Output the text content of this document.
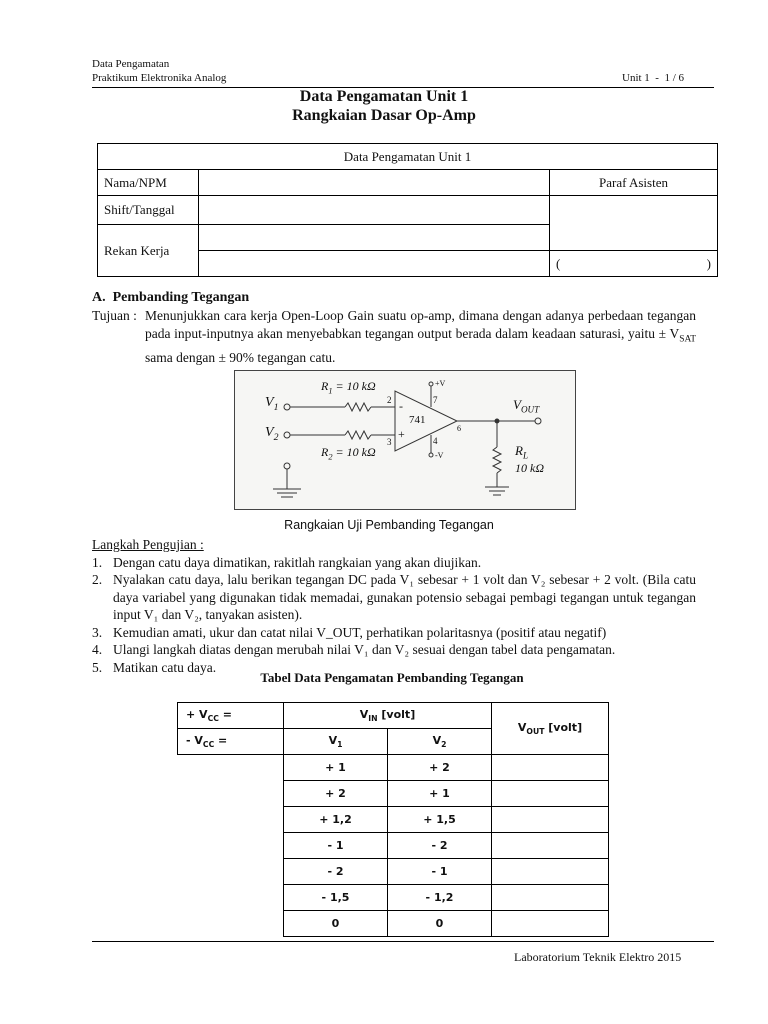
Data Pengamatan
Praktikum Elektronika Analog	Unit 1  -  1 / 6
Data Pengamatan Unit 1
Rangkaian Dasar Op-Amp
Data Pengamatan Unit 1		
Nama/NPM		Paraf Asisten
Shift/Tanggal		
Rekan Kerja		
		( )
A.  Pembanding Tegangan
Tujuan : Menunjukkan cara kerja Open-Loop Gain suatu op-amp, dimana dengan adanya perbedaan tegangan pada input-inputnya akan menyebabkan tegangan output berada dalam keadaan saturasi, yaitu ± $V_{SAT}$ sama dengan ± 90% tegangan catu.
$V_1$
$V_2$
$R_1 = 10$ kΩ
$R_2 = 10$ kΩ
2
3
-
+
741
+V
-V
7
4
6
$V_{OUT}$
$R_L$
10 kΩ
Rangkaian Uji Pembanding Tegangan
Langkah Pengujian :
1. Dengan catu daya dimatikan, rakitlah rangkaian yang akan diujikan.
2. Nyalakan catu daya, lalu berikan tegangan DC pada V₁ sebesar + 1 volt dan V₂ sebesar + 2 volt. (Bila catu daya variabel yang digunakan tidak memadai, gunakan potensio sebagai pembagi tegangan untuk tegangan input V₁ dan V₂, tanyakan asisten).
3. Kemudian amati, ukur dan catat nilai V_OUT, perhatikan polaritasnya (positif atau negatif)
4. Ulangi langkah diatas dengan merubah nilai V₁ dan V₂ sesuai dengan tabel data pengamatan.
5. Matikan catu daya.
Tabel Data Pengamatan Pembanding Tegangan
+ $V_{CC}$ =	$V_{IN}$ [volt]		$V_{OUT}$ [volt]
- $V_{CC}$ =	$V_1$	$V_2$
	+ 1	+ 2	
	+ 2	+ 1	
	+ 1,2	+ 1,5	
	- 1	- 2	
	- 2	- 1	
	- 1,5	- 1,2	
	0	0	
Laboratorium Teknik Elektro 2015
